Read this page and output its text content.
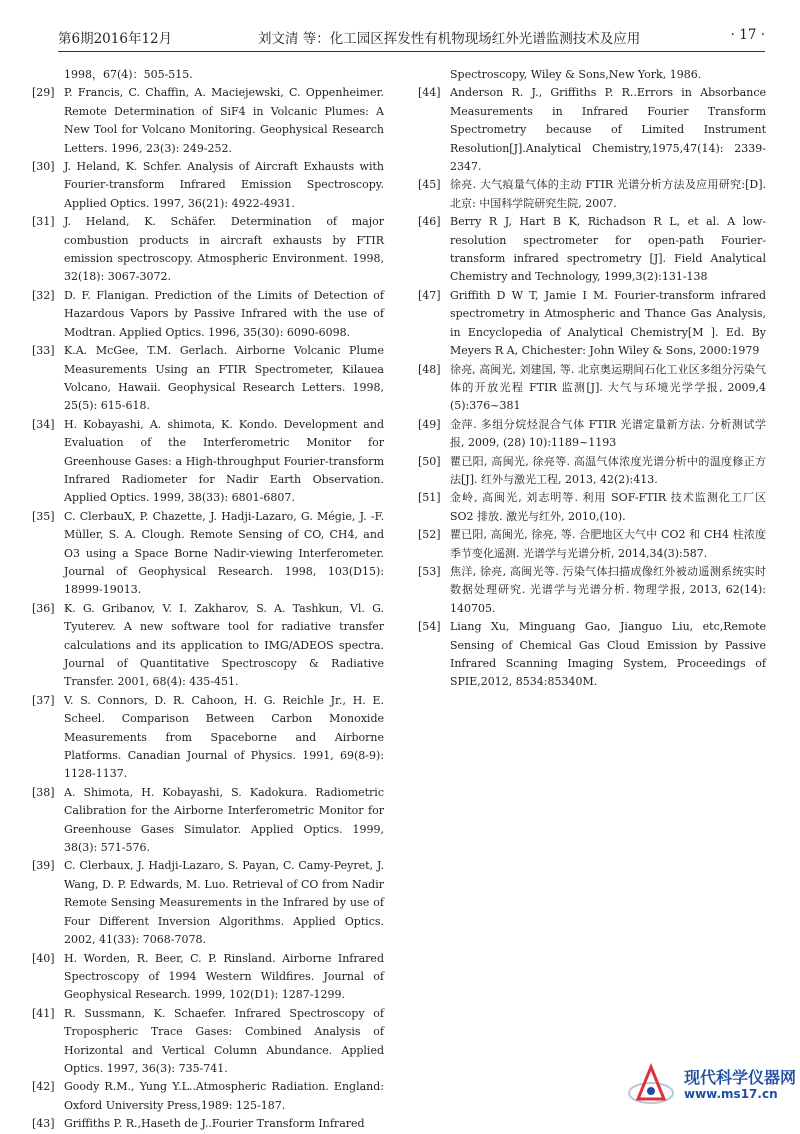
第6期2016年12月	刘文清 等：化工园区挥发性有机物现场红外光谱监测技术及应用	· 17 ·
1998，67(4)：505-515.
[29] P. Francis, C. Chaffin, A. Maciejewski, C. Oppenheimer. Remote Determination of SiF4 in Volcanic Plumes: A New Tool for Volcano Monitoring. Geophysical Research Letters. 1996, 23(3): 249-252.
[30] J. Heland, K. Schfer. Analysis of Aircraft Exhausts with Fourier-transform Infrared Emission Spectroscopy. Applied Optics. 1997, 36(21): 4922-4931.
[31] J. Heland, K. Schäfer. Determination of major combustion products in aircraft exhausts by FTIR emission spectroscopy. Atmospheric Environment. 1998, 32(18): 3067-3072.
[32] D. F. Flanigan. Prediction of the Limits of Detection of Hazardous Vapors by Passive Infrared with the use of Modtran. Applied Optics. 1996, 35(30): 6090-6098.
[33] K.A. McGee, T.M. Gerlach. Airborne Volcanic Plume Measurements Using an FTIR Spectrometer, Kilauea Volcano, Hawaii. Geophysical Research Letters. 1998, 25(5): 615-618.
[34] H. Kobayashi, A. shimota, K. Kondo. Development and Evaluation of the Interferometric Monitor for Greenhouse Gases: a High-throughput Fourier-transform Infrared Radiometer for Nadir Earth Observation. Applied Optics. 1999, 38(33): 6801-6807.
[35] C. ClerbauX, P. Chazette, J. Hadji-Lazaro, G. Mégie, J. -F. Müller, S. A. Clough. Remote Sensing of CO, CH4, and O3 using a Space Borne Nadir-viewing Interferometer. Journal of Geophysical Research. 1998, 103(D15): 18999-19013.
[36] K. G. Gribanov, V. I. Zakharov, S. A. Tashkun, Vl. G. Tyuterev. A new software tool for radiative transfer calculations and its application to IMG/ADEOS spectra. Journal of Quantitative Spectroscopy & Radiative Transfer. 2001, 68(4): 435-451.
[37] V. S. Connors, D. R. Cahoon, H. G. Reichle Jr., H. E. Scheel. Comparison Between Carbon Monoxide Measurements from Spaceborne and Airborne Platforms. Canadian Journal of Physics. 1991, 69(8-9): 1128-1137.
[38] A. Shimota, H. Kobayashi, S. Kadokura. Radiometric Calibration for the Airborne Interferometric Monitor for Greenhouse Gases Simulator. Applied Optics. 1999, 38(3): 571-576.
[39] C. Clerbaux, J. Hadji-Lazaro, S. Payan, C. Camy-Peyret, J. Wang, D. P. Edwards, M. Luo. Retrieval of CO from Nadir Remote Sensing Measurements in the Infrared by use of Four Different Inversion Algorithms. Applied Optics. 2002, 41(33): 7068-7078.
[40] H. Worden, R. Beer, C. P. Rinsland. Airborne Infrared Spectroscopy of 1994 Western Wildfires. Journal of Geophysical Research. 1999, 102(D1): 1287-1299.
[41] R. Sussmann, K. Schaefer. Infrared Spectroscopy of Tropospheric Trace Gases: Combined Analysis of Horizontal and Vertical Column Abundance. Applied Optics. 1997, 36(3): 735-741.
[42] Goody R.M., Yung Y.L..Atmospheric Radiation. England: Oxford University Press,1989: 125-187.
[43] Griffiths P. R.,Haseth de J..Fourier Transform Infrared
Spectroscopy, Wiley & Sons,New York, 1986.
[44] Anderson R. J., Griffiths P. R..Errors in Absorbance Measurements in Infrared Fourier Transform Spectrometry because of Limited Instrument Resolution[J].Analytical Chemistry,1975,47(14): 2339-2347.
[45] 徐亮. 大气痕量气体的主动 FTIR 光谱分析方法及应用研究:[D]. 北京: 中国科学院研究生院, 2007.
[46] Berry R J, Hart B K, Richadson R L, et al. A low-resolution spectrometer for open-path Fourier-transform infrared spectrometry [J]. Field Analytical Chemistry and Technology, 1999,3(2):131-138
[47] Griffith D W T, Jamie I M. Fourier-transform infrared spectrometry in Atmospheric and Thance Gas Analysis, in Encyclopedia of Analytical Chemistry[M ]. Ed. By Meyers R A, Chichester: John Wiley & Sons, 2000:1979
[48] 徐亮, 高闽光, 刘建国, 等. 北京奥运期间石化工业区多组分污染气体的开放光程 FTIR 监测[J]. 大气与环境光学学报, 2009,4 (5):376~381
[49] 金萍. 多组分烷烃混合气体 FTIR 光谱定量新方法. 分析测试学报, 2009, (28) 10):1189~1193
[50] 瞿已阳, 高闽光, 徐亮等. 高温气体浓度光谱分析中的温度修正方法[J]. 红外与激光工程, 2013, 42(2):413.
[51] 金岭, 高闽光, 刘志明等. 利用 SOF-FTIR 技术监测化工厂区 SO2 排放. 激光与红外, 2010,(10).
[52] 瞿已阳, 高闽光, 徐亮, 等. 合肥地区大气中 CO2 和 CH4 柱浓度季节变化遥测. 光谱学与光谱分析, 2014,34(3):587.
[53] 焦洋, 徐亮, 高闽光等. 污染气体扫描成像红外被动遥测系统实时数据处理研究. 光谱学与光谱分析. 物理学报, 2013, 62(14): 140705.
[54] Liang Xu, Minguang Gao, Jianguo Liu, etc,Remote Sensing of Chemical Gas Cloud Emission by Passive Infrared Scanning Imaging System, Proceedings of SPIE,2012, 8534:85340M.
现代科学仪器网
www.ms17.cn
